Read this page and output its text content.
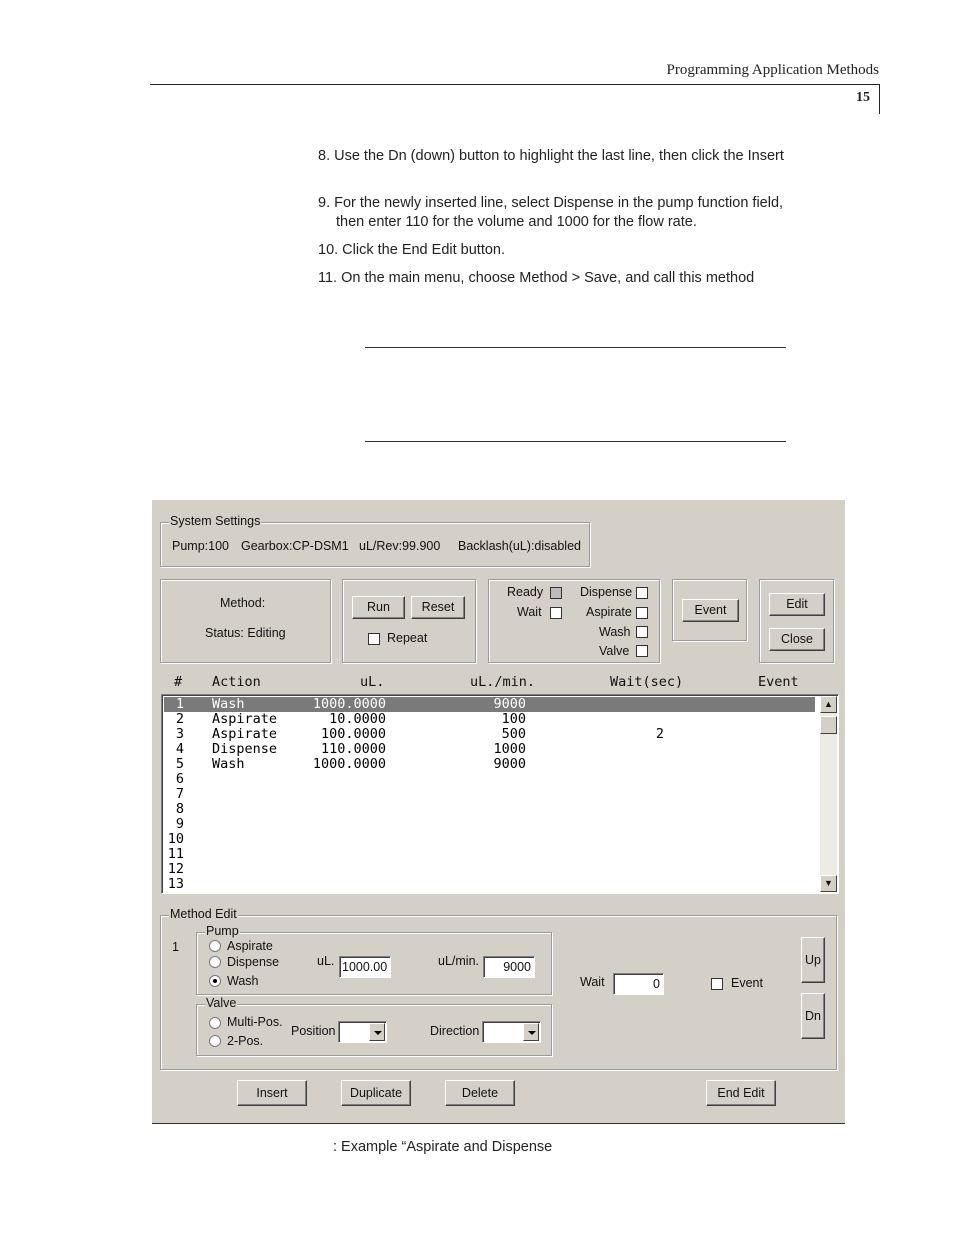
Programming Application Methods
15
8. Use the Dn (down) button to highlight the last line, then click the Insert
9. For the newly inserted line, select Dispense in the pump function field,
then enter 110 for the volume and 1000 for the flow rate.
10. Click the End Edit button.
11. On the main menu, choose Method > Save, and call this method
System Settings
Pump:100 Gearbox:CP-DSM1 uL/Rev:99.900 Backlash(uL):disabled
Method:
Status: Editing
Run	Reset
Repeat
Ready
Wait
Dispense
Aspirate
Wash
Valve
Event	Edit
Close
# Action	uL.	uL./min.	Wait(sec)	Event
1 Wash	1000.0000	9000
2 Aspirate	10.0000	100
3 Aspirate	100.0000	500	2
4 Dispense	110.0000	1000
5 Wash	1000.0000	9000
6
7
8
9
10
11
12
13
▲
▼
Method Edit
1
Pump
Aspirate
Dispense
Wash
uL. 1000.00	uL/min.	9000
Wait	0	Event
Up
Dn
Valve
Multi-Pos.
2-Pos.
Position	Direction
Insert	Duplicate	Delete	End Edit
: Example “Aspirate and Dispense
